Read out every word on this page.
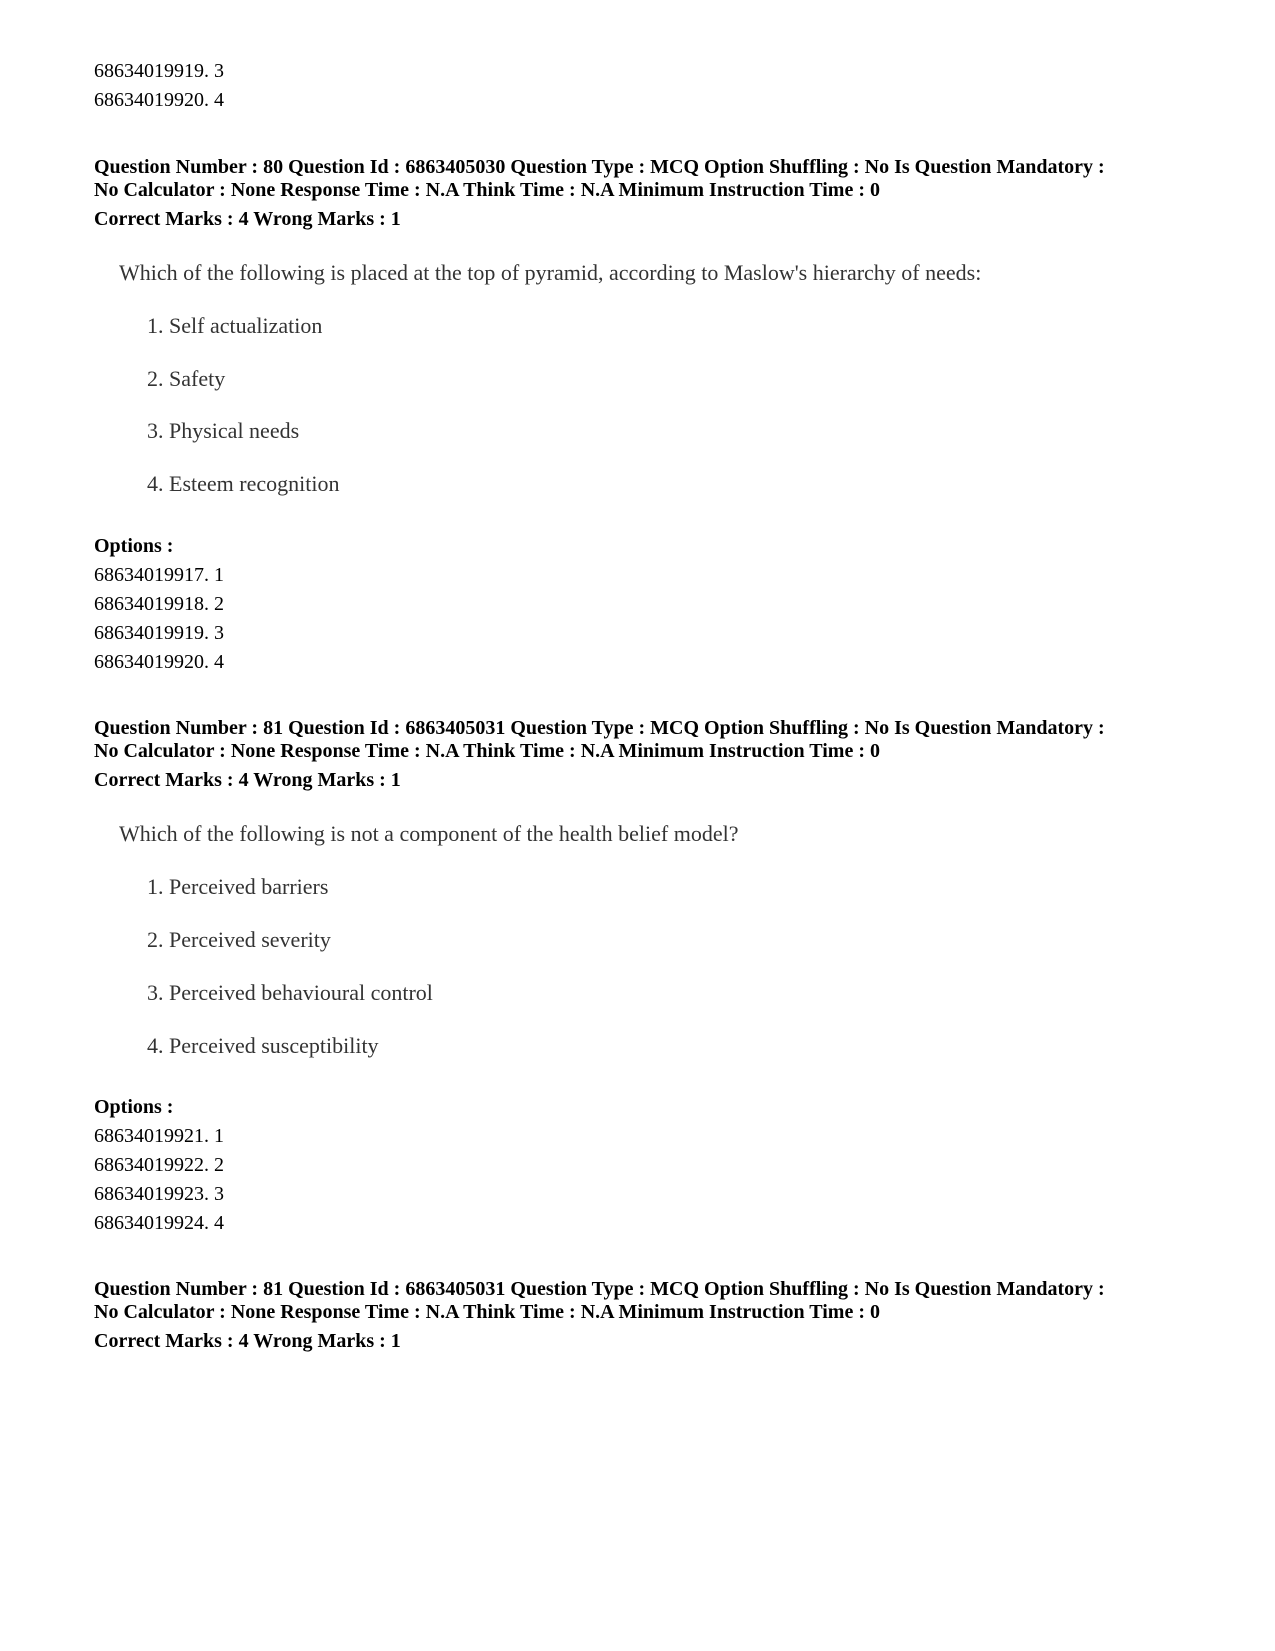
68634019919. 3
68634019920. 4
Question Number : 80 Question Id : 6863405030 Question Type : MCQ Option Shuffling : No Is Question Mandatory :
No Calculator : None Response Time : N.A Think Time : N.A Minimum Instruction Time : 0
Correct Marks : 4 Wrong Marks : 1
Which of the following is placed at the top of pyramid, according to Maslow's hierarchy of needs:
1. Self actualization
2. Safety
3. Physical needs
4. Esteem recognition
Options :
68634019917. 1
68634019918. 2
68634019919. 3
68634019920. 4
Question Number : 81 Question Id : 6863405031 Question Type : MCQ Option Shuffling : No Is Question Mandatory :
No Calculator : None Response Time : N.A Think Time : N.A Minimum Instruction Time : 0
Correct Marks : 4 Wrong Marks : 1
Which of the following is not a component of the health belief model?
1. Perceived barriers
2. Perceived severity
3. Perceived behavioural control
4. Perceived susceptibility
Options :
68634019921. 1
68634019922. 2
68634019923. 3
68634019924. 4
Question Number : 81 Question Id : 6863405031 Question Type : MCQ Option Shuffling : No Is Question Mandatory :
No Calculator : None Response Time : N.A Think Time : N.A Minimum Instruction Time : 0
Correct Marks : 4 Wrong Marks : 1
